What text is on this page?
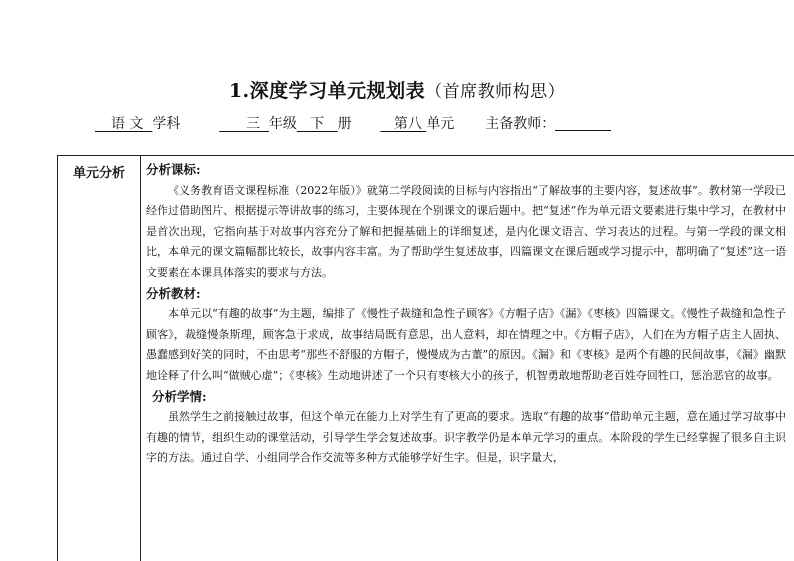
1.深度学习单元规划表（首席教师构思）
语 文 学科	三 年级 下 册	第八 单元 主备教师：
单元分析	分析课标:
《义务教育语文课程标准（2022年版）》就第二学段阅读的目标与内容指出“了解故事的主要内容，复述故事”。教材第一学段已经作过借助图片、根据提示等讲故事的练习，主要体现在个别课文的课后题中。把“复述”作为单元语文要素进行集中学习，在教材中是首次出现，它指向基于对故事内容充分了解和把握基础上的详细复述，是内化课文语言、学习表达的过程。与第一学段的课文相比，本单元的课文篇幅都比较长，故事内容丰富。为了帮助学生复述故事，四篇课文在课后题或学习提示中，都明确了“复述”这一语文要素在本课具体落实的要求与方法。
分析教材:
本单元以“有趣的故事”为主题，编排了《慢性子裁缝和急性子顾客》《方帽子店》《漏》《枣核》四篇课文。《慢性子裁缝和急性子顾客》，裁缝慢条斯理，顾客急于求成，故事结局既有意思，出人意料，却在情理之中。《方帽子店》，人们在为方帽子店主人固执、愚蠢感到好笑的同时，不由思考“那些不舒服的方帽子，慢慢成为古董”的原因。《漏》和《枣核》是两个有趣的民间故事，《漏》幽默地诠释了什么叫“做贼心虚”；《枣核》生动地讲述了一个只有枣核大小的孩子，机智勇敢地帮助老百姓夺回牲口，惩治恶官的故事。
分析学情:
虽然学生之前接触过故事，但这个单元在能力上对学生有了更高的要求。选取“有趣的故事”借助单元主题，意在通过学习故事中有趣的情节，组织生动的课堂活动，引导学生学会复述故事。识字教学仍是本单元学习的重点。本阶段的学生已经掌握了很多自主识字的方法。通过自学、小组同学合作交流等多种方式能够学好生字。但是，识字量大，
